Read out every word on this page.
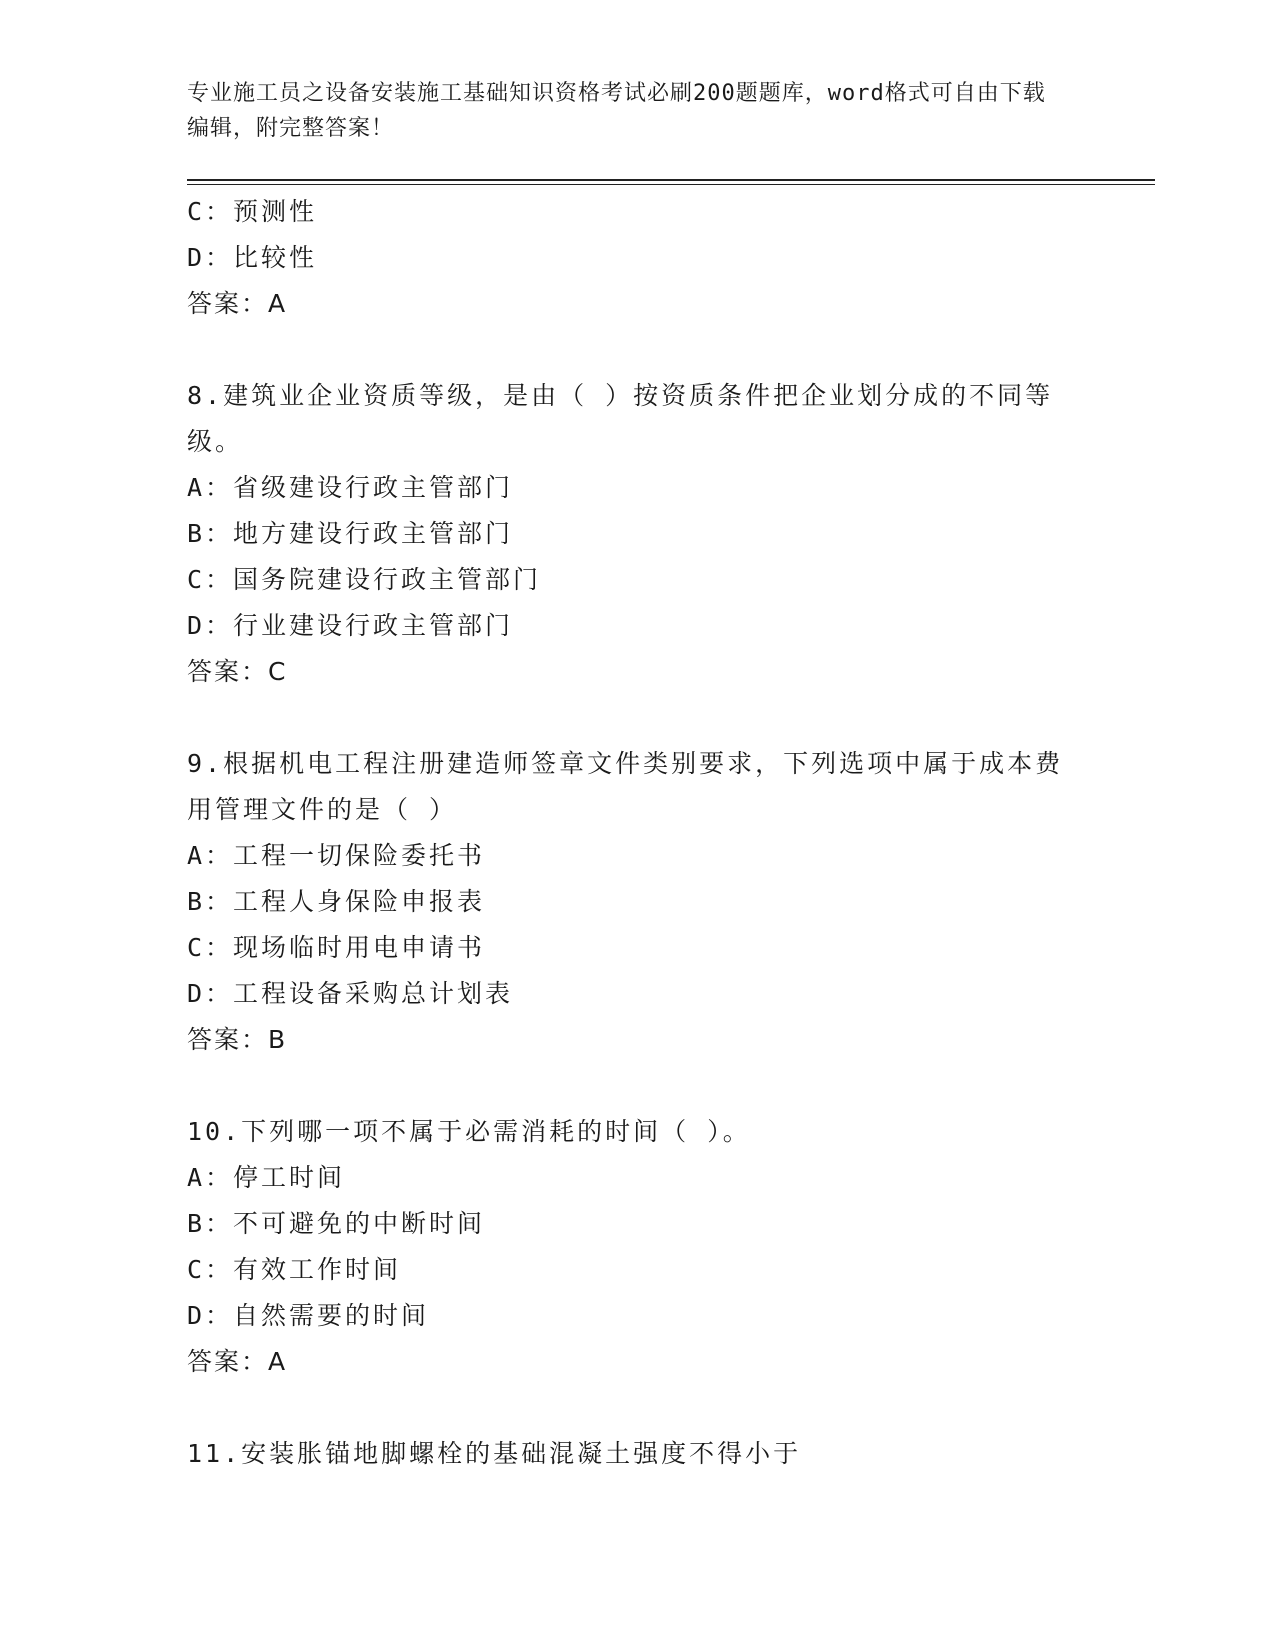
专业施工员之设备安装施工基础知识资格考试必刷200题题库，word格式可自由下载编辑，附完整答案！
C：预测性
D：比较性
答案：A
8.建筑业企业资质等级，是由（ ）按资质条件把企业划分成的不同等级。
A：省级建设行政主管部门
B：地方建设行政主管部门
C：国务院建设行政主管部门
D：行业建设行政主管部门
答案：C
9.根据机电工程注册建造师签章文件类别要求，下列选项中属于成本费用管理文件的是（ ）
A：工程一切保险委托书
B：工程人身保险申报表
C：现场临时用电申请书
D：工程设备采购总计划表
答案：B
10.下列哪一项不属于必需消耗的时间（ ）。
A：停工时间
B：不可避免的中断时间
C：有效工作时间
D：自然需要的时间
答案：A
11.安装胀锚地脚螺栓的基础混凝土强度不得小于
